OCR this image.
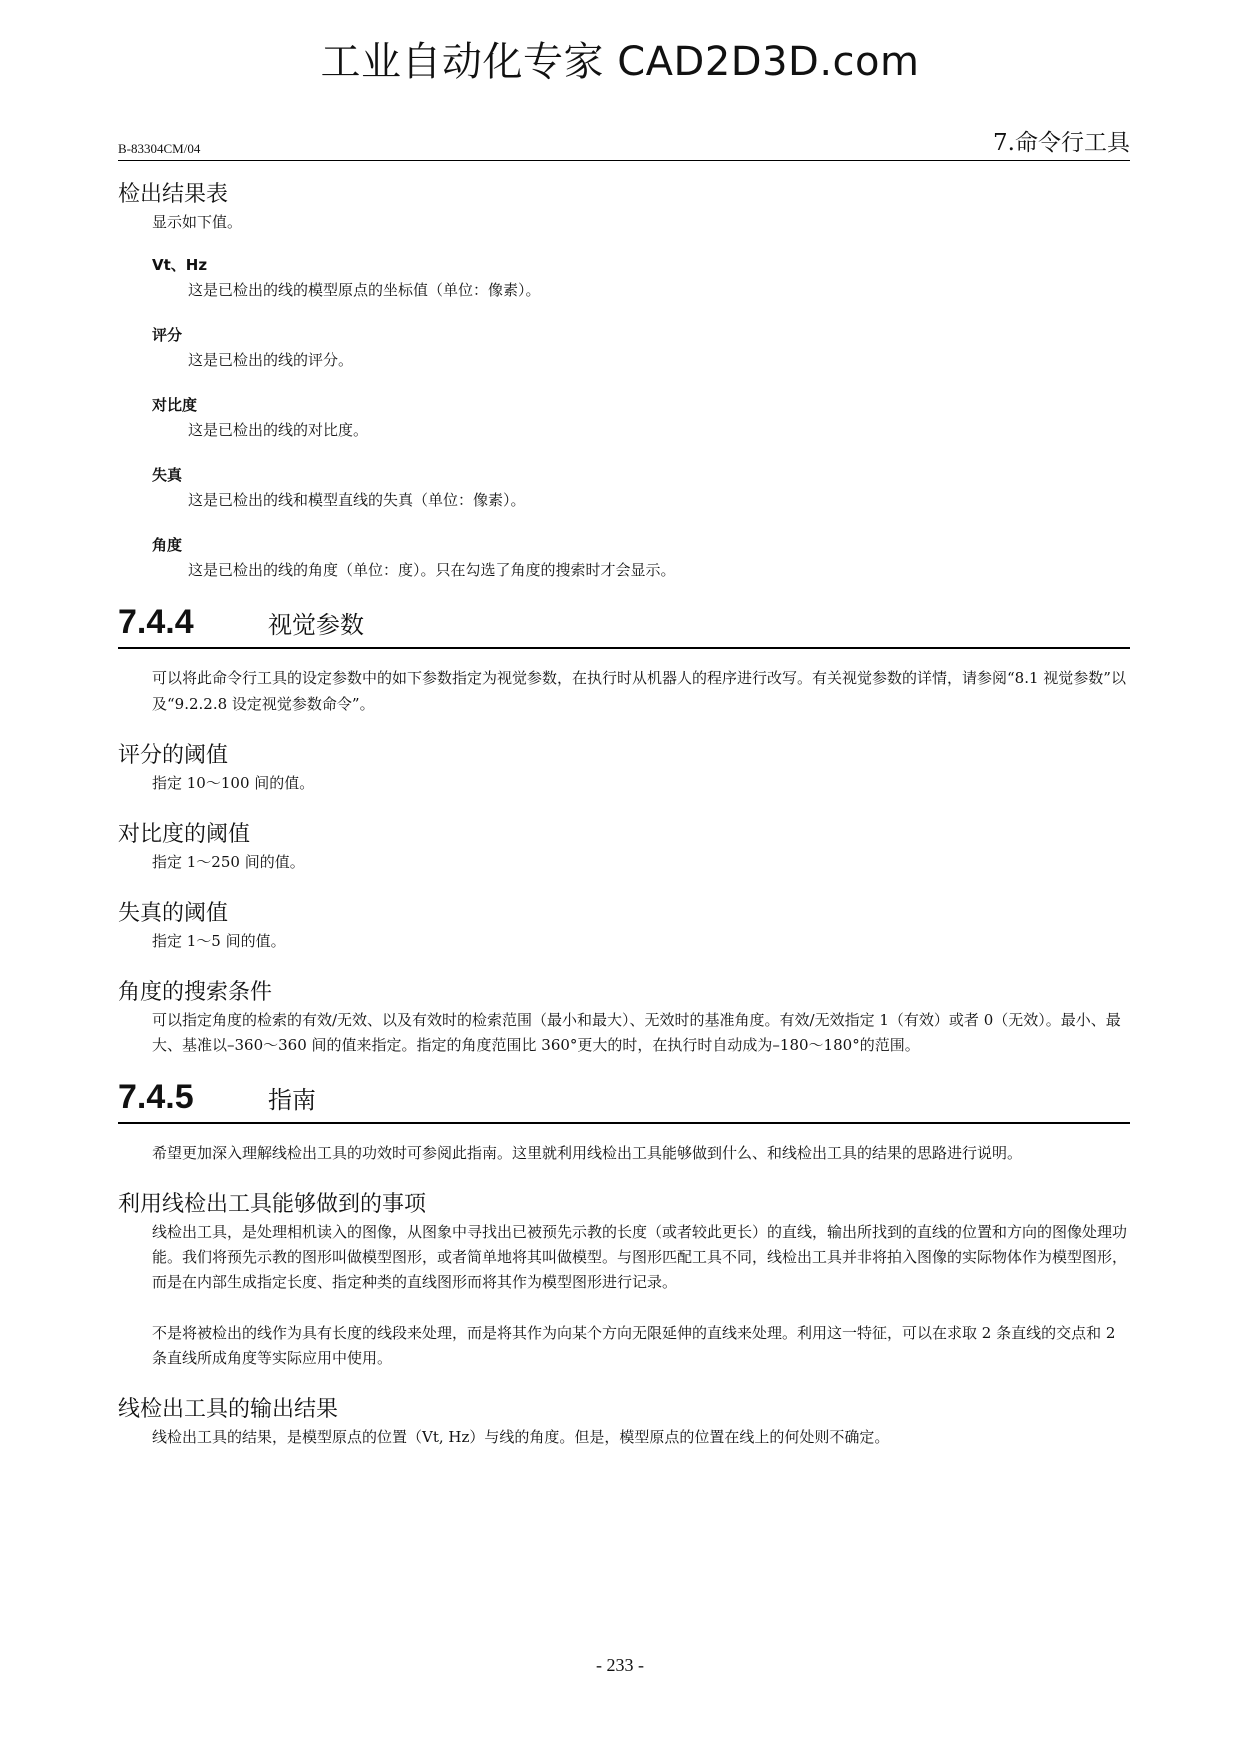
工业自动化专家 CAD2D3D.com
B-83304CM/04	7.命令行工具
检出结果表

显示如下值。

Vt、Hz
这是已检出的线的模型原点的坐标值（单位：像素）。
评分
这是已检出的线的评分。
对比度
这是已检出的线的对比度。
失真
这是已检出的线和模型直线的失真（单位：像素）。
角度
这是已检出的线的角度（单位：度）。只在勾选了角度的搜索时才会显示。
7.4.4	视觉参数

可以将此命令行工具的设定参数中的如下参数指定为视觉参数，在执行时从机器人的程序进行改写。有关视觉参数的详情，请参阅“8.1 视觉参数”以及“9.2.2.8 设定视觉参数命令”。

评分的阈值

指定 10～100 间的值。

对比度的阈值

指定 1～250 间的值。

失真的阈值

指定 1～5 间的值。

角度的搜索条件

可以指定角度的检索的有效/无效、以及有效时的检索范围（最小和最大）、无效时的基准角度。有效/无效指定 1（有效）或者 0（无效）。最小、最大、基准以–360～360 间的值来指定。指定的角度范围比 360°更大的时，在执行时自动成为–180～180°的范围。

7.4.5	指南

希望更加深入理解线检出工具的功效时可参阅此指南。这里就利用线检出工具能够做到什么、和线检出工具的结果的思路进行说明。

利用线检出工具能够做到的事项

线检出工具，是处理相机读入的图像，从图象中寻找出已被预先示教的长度（或者较此更长）的直线，输出所找到的直线的位置和方向的图像处理功能。我们将预先示教的图形叫做模型图形，或者简单地将其叫做模型。与图形匹配工具不同，线检出工具并非将拍入图像的实际物体作为模型图形，而是在内部生成指定长度、指定种类的直线图形而将其作为模型图形进行记录。

不是将被检出的线作为具有长度的线段来处理，而是将其作为向某个方向无限延伸的直线来处理。利用这一特征，可以在求取 2 条直线的交点和 2 条直线所成角度等实际应用中使用。

线检出工具的输出结果

线检出工具的结果，是模型原点的位置（Vt, Hz）与线的角度。但是，模型原点的位置在线上的何处则不确定。

- 233 -
